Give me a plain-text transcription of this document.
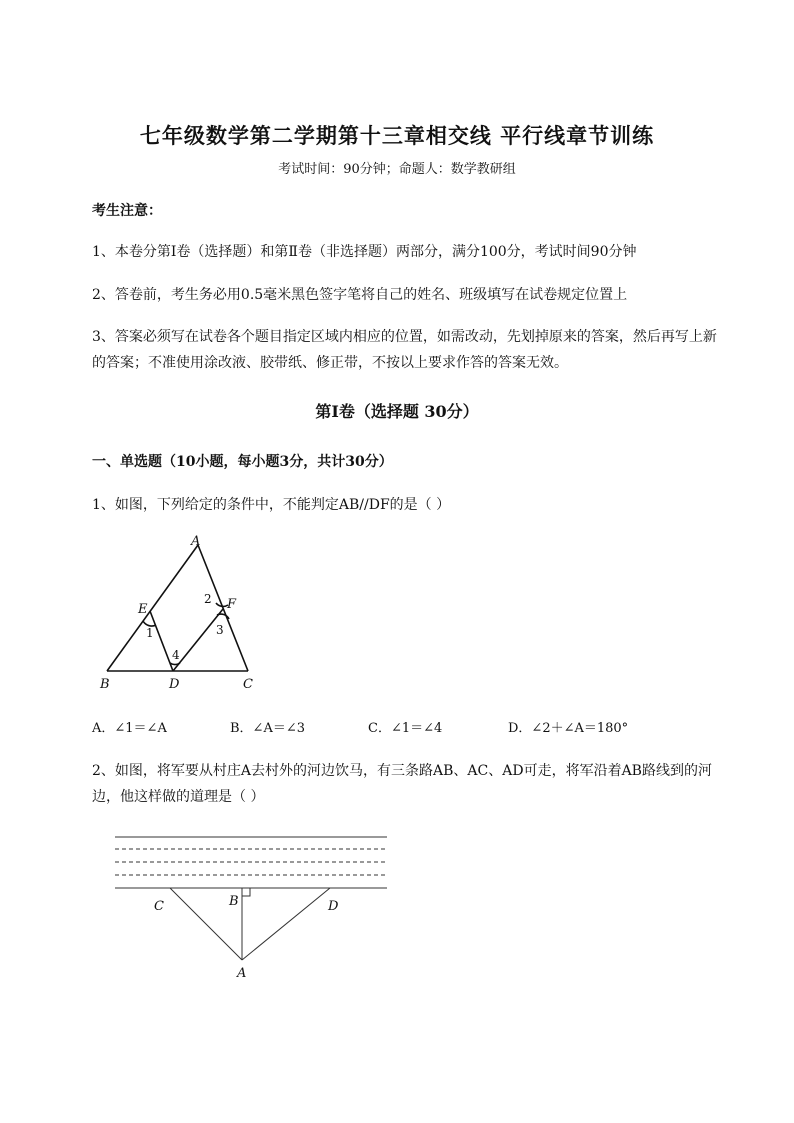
七年级数学第二学期第十三章相交线 平行线章节训练
考试时间：90分钟；命题人：数学教研组
考生注意：
1、本卷分第Ⅰ卷（选择题）和第Ⅱ卷（非选择题）两部分，满分100分，考试时间90分钟
2、答卷前，考生务必用0.5毫米黑色签字笔将自己的姓名、班级填写在试卷规定位置上
3、答案必须写在试卷各个题目指定区域内相应的位置，如需改动，先划掉原来的答案，然后再写上新
的答案；不准使用涂改液、胶带纸、修正带，不按以上要求作答的答案无效。
第Ⅰ卷（选择题 30分）
一、单选题（10小题，每小题3分，共计30分）
1、如图，下列给定的条件中，不能判定AB//DF的是（ ）
A
B	C
D
E	F
1
2
3
4
A．∠1＝∠A	B．∠A＝∠3	C．∠1＝∠4	D．∠2＋∠A＝180°
2、如图，将军要从村庄A去村外的河边饮马，有三条路AB、AC、AD可走，将军沿着AB路线到的河
边，他这样做的道理是（ ）
C	B	D
A
